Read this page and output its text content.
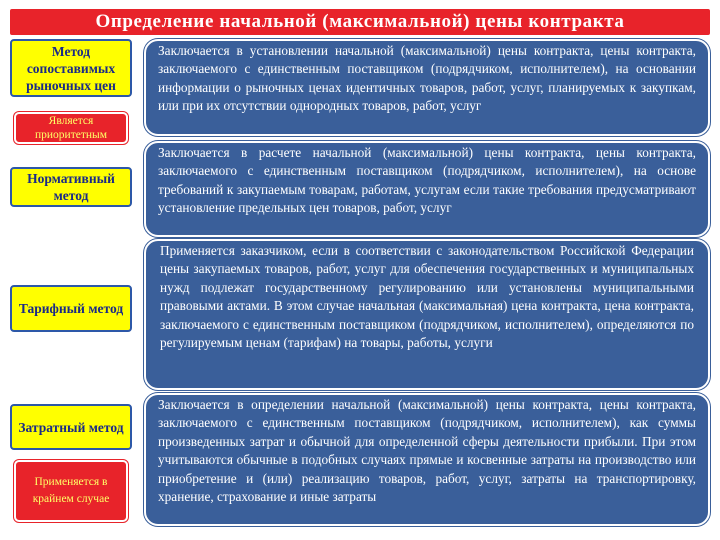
Определение начальной (максимальной) цены контракта
Метод сопоставимых рыночных цен
Является приоритетным
Заключается в установлении начальной (максимальной) цены контракта, цены контракта, заключаемого с единственным поставщиком (подрядчиком, исполнителем), на основании информации о рыночных ценах идентичных товаров, работ, услуг, планируемых к закупкам, или при их отсутствии однородных товаров, работ, услуг
Нормативный метод
Заключается в расчете начальной (максимальной) цены контракта, цены контракта, заключаемого с единственным поставщиком (подрядчиком, исполнителем), на основе требований к закупаемым товарам, работам, услугам если такие требования предусматривают установление предельных цен товаров, работ, услуг
Тарифный метод
Применяется заказчиком, если в соответствии с законодательством Российской Федерации цены закупаемых товаров, работ, услуг для обеспечения государственных и муниципальных нужд подлежат государственному регулированию или установлены муниципальными правовыми актами. В этом случае начальная (максимальная) цена контракта, цена контракта, заключаемого с единственным поставщиком (подрядчиком, исполнителем), определяются по регулируемым ценам (тарифам) на товары, работы, услуги
Затратный метод
Применяется в крайнем случае
Заключается в определении начальной (максимальной) цены контракта, цены контракта, заключаемого с единственным поставщиком (подрядчиком, исполнителем), как суммы произведенных затрат и обычной для определенной сферы деятельности прибыли. При этом учитываются обычные в подобных случаях прямые и косвенные затраты на производство или приобретение и (или) реализацию товаров, работ, услуг, затраты на транспортировку, хранение, страхование и иные затраты
